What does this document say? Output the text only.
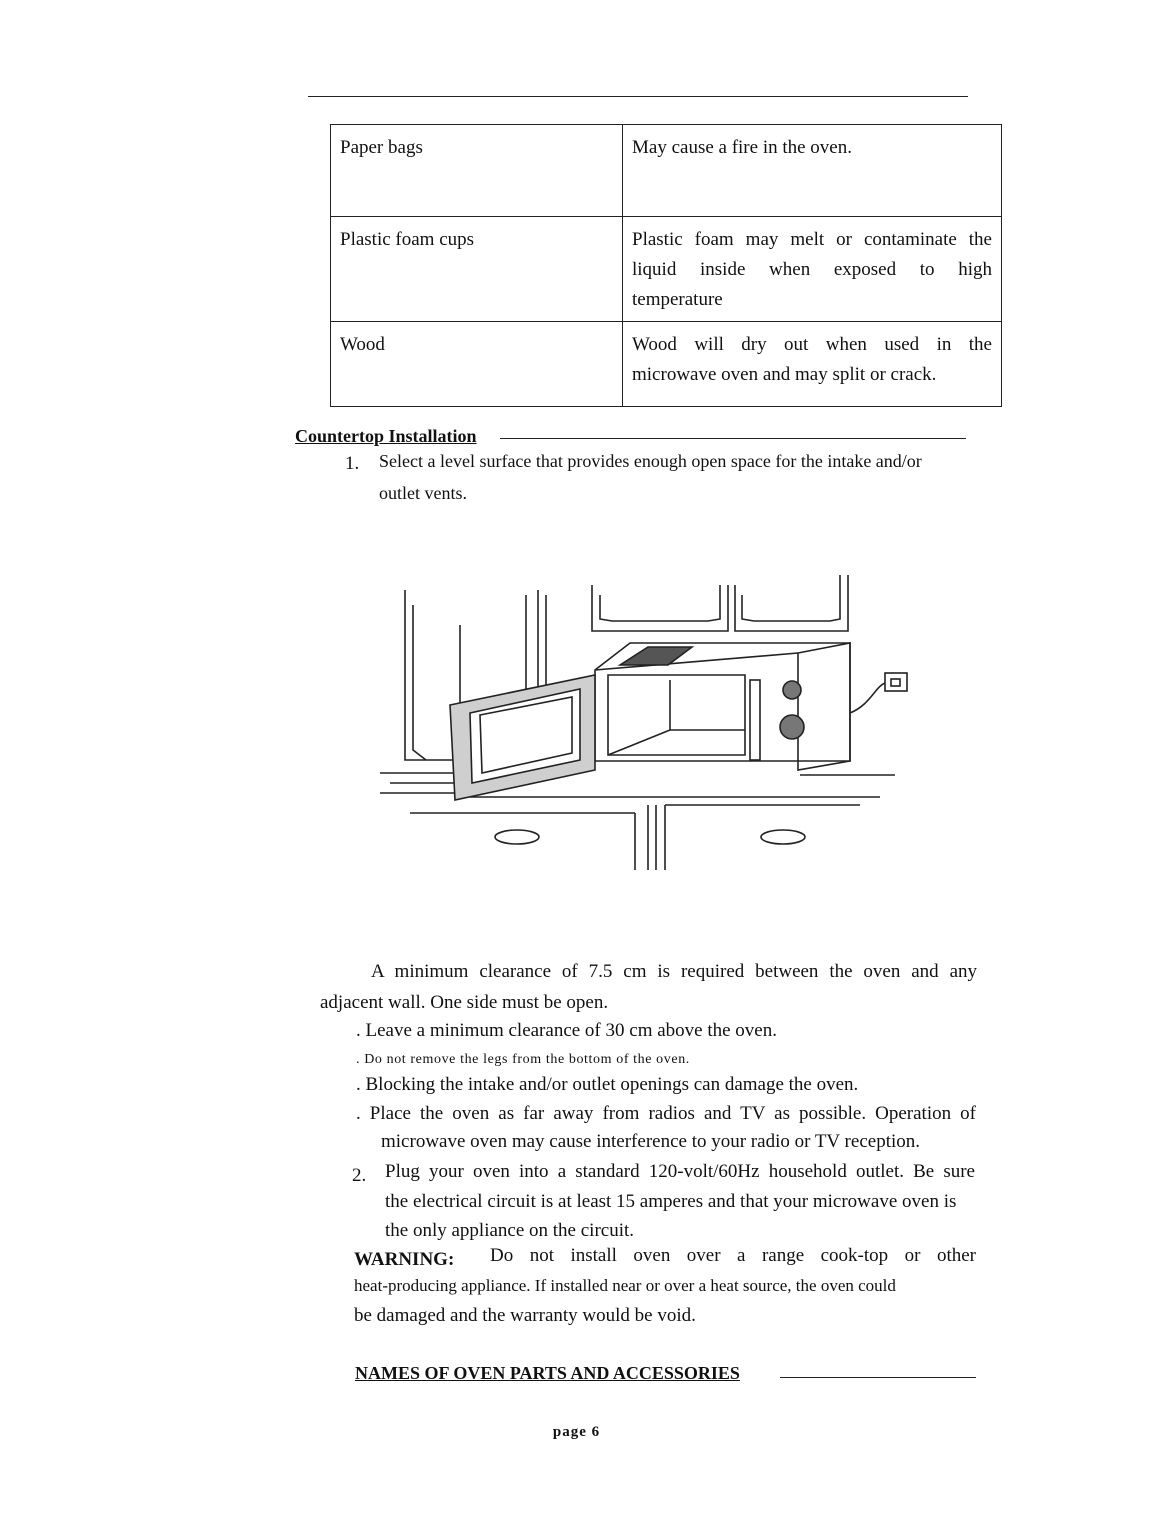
Paper bags	May cause a fire in the oven.
Plastic foam cups	Plastic foam may melt or contaminate the liquid inside when exposed to high temperature
Wood	Wood will dry out when used in the microwave oven and may split or crack.
Countertop Installation
1. Select a level surface that provides enough open space for the intake and/or
outlet vents.
A minimum clearance of 7.5 cm is required between the oven and any
adjacent wall. One side must be open.
. Leave a minimum clearance of 30 cm above the oven.
. Do not remove the legs from the bottom of the oven.
. Blocking the intake and/or outlet openings can damage the oven.
. Place the oven as far away from radios and TV as possible. Operation of
microwave oven may cause interference to your radio or TV reception.
2. Plug your oven into a standard 120-volt/60Hz household outlet. Be sure
the electrical circuit is at least 15 amperes and that your microwave oven is
the only appliance on the circuit.
WARNING: Do not install oven over a range cook-top or other
heat-producing appliance. If installed near or over a heat source, the oven could
be damaged and the warranty would be void.
NAMES OF OVEN PARTS AND ACCESSORIES
page 6
